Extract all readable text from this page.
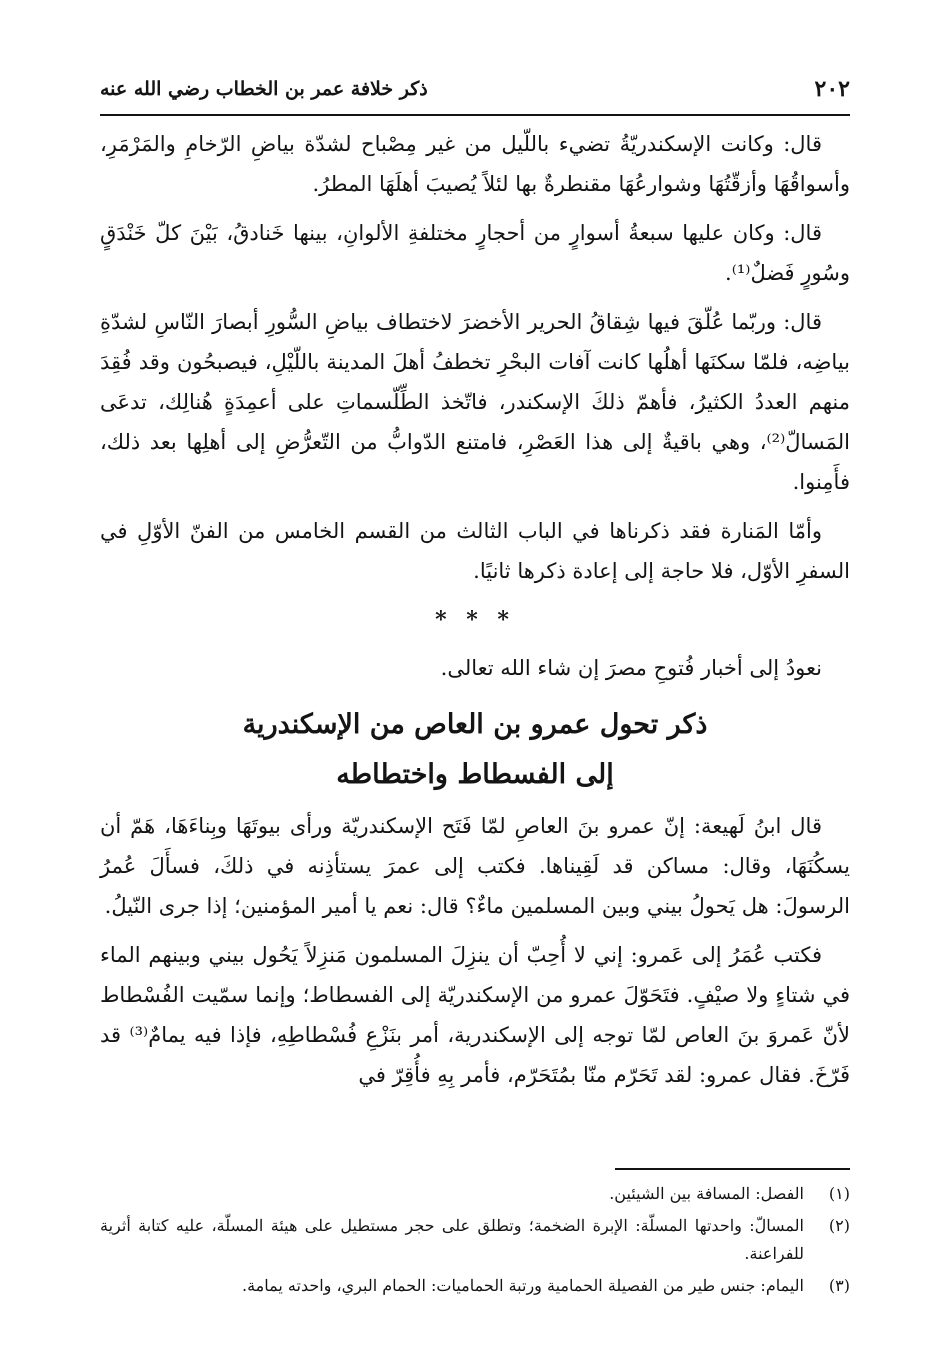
٢٠٢
ذكر خلافة عمر بن الخطاب رضي الله عنه

قال: وكانت الإسكندريّةُ تضيء باللّيل من غير مِصْباح لشدّة بياضِ الرّخامِ والمَرْمَرِ، وأسواقُهَا وأزقّتُهَا وشوارعُهَا مقنطرةٌ بها لئلاً يُصيبَ أهلَهَا المطرُ.

قال: وكان عليها سبعةُ أسوارٍ من أحجارٍ مختلفةِ الألوانِ، بينها خَنادقُ، بَيْنَ كلّ خَنْدَقٍ وسُورٍ فَضلٌ⁽¹⁾.

قال: وربّما عُلّقَ فيها شِقاقُ الحرير الأخضرَ لاختطاف بياضِ السُّورِ أبصارَ النّاسِ لشدّةِ بياضِه، فلمّا سكنَها أهلُها كانت آفات البحْرِ تخطفُ أهلَ المدينة باللّيْلِ، فيصبحُون وقد فُقِدَ منهم العددُ الكثيرُ، فأهمّ ذلكَ الإسكندر، فاتّخذ الطِّلّسماتِ على أعمِدَةٍ هُنالِك، تدعَى المَسالّ⁽²⁾، وهي باقيةٌ إلى هذا العَصْرِ، فامتنع الدّوابُّ من التّعرُّضِ إلى أهلِها بعد ذلك، فأَمِنوا.

وأمّا المَنارة فقد ذكرناها في الباب الثالث من القسم الخامس من الفنّ الأوّلِ في السفرِ الأوّل، فلا حاجة إلى إعادة ذكرها ثانيًا.

* * *

نعودُ إلى أخبار فُتوحِ مصرَ إن شاء الله تعالى.

ذكر تحول عمرو بن العاص من الإسكندرية
إلى الفسطاط واختطاطه

قال ابنُ لَهيعة: إنّ عمرو بنَ العاصِ لمّا فَتَح الإسكندريّة ورأى بيوتَهَا وبِناءَهَا، هَمّ أن يسكُنَهَا، وقال: مساكن قد لَقِيناها. فكتب إلى عمرَ يستأذِنه في ذلكَ، فسأَلَ عُمرُ الرسولَ: هل يَحولُ بيني وبين المسلمين ماءٌ؟ قال: نعم يا أمير المؤمنين؛ إذا جرى النّيلُ.

فكتب عُمَرُ إلى عَمرو: إني لا أُحِبّ أن ينزِلَ المسلمون مَنزِلاً يَحُول بيني وبينهم الماء في شتاءٍ ولا صيْفٍ. فتَحَوّلَ عمرو من الإسكندريّة إلى الفسطاط؛ وإنما سمّيت الفُسْطاط لأنّ عَمروَ بنَ العاص لمّا توجه إلى الإسكندرية، أمر بنَزْعِ فُسْطاطِهِ، فإذا فيه يمامٌ⁽³⁾ قد فَرّخَ. فقال عمرو: لقد تَحَرّم منّا بمُتَحَرّم، فأمر بِهِ فأُقِرّ في

(١)
الفصل: المسافة بين الشيئين.
(٢)
المسالّ: واحدتها المسلّة: الإبرة الضخمة؛ وتطلق على حجر مستطيل على هيئة المسلّة، عليه كتابة أثرية للفراعنة.
(٣)
اليمام: جنس طير من الفصيلة الحمامية ورتبة الحماميات: الحمام البري، واحدته يمامة.
